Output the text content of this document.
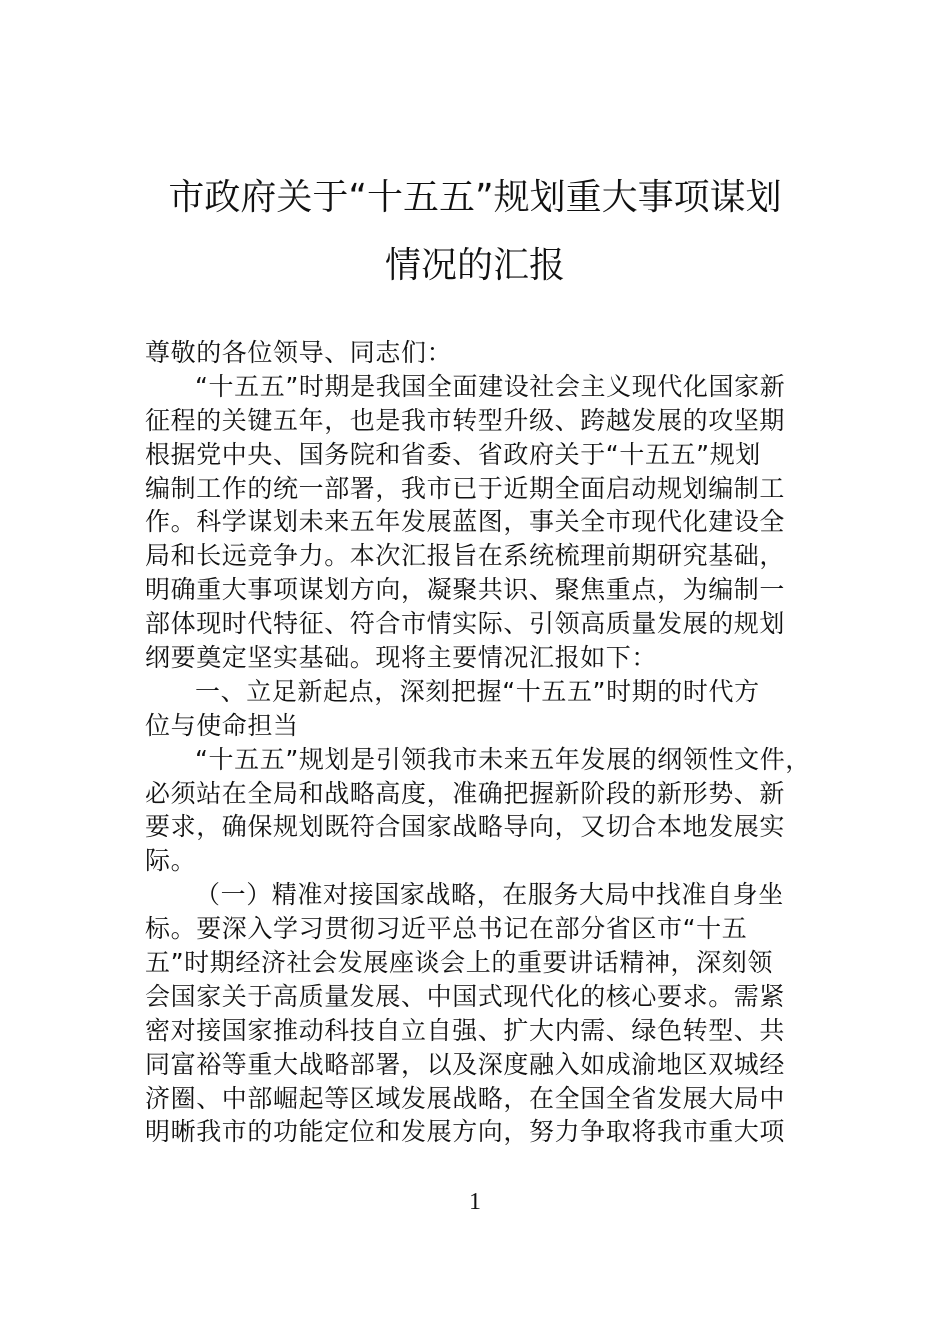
市政府关于“十五五”规划重大事项谋划
情况的汇报
尊敬的各位领导、同志们：
“十五五”时期是我国全面建设社会主义现代化国家新
征程的关键五年，也是我市转型升级、跨越发展的攻坚期
根据党中央、国务院和省委、省政府关于“十五五”规划
编制工作的统一部署，我市已于近期全面启动规划编制工
作。科学谋划未来五年发展蓝图，事关全市现代化建设全
局和长远竞争力。本次汇报旨在系统梳理前期研究基础，
明确重大事项谋划方向，凝聚共识、聚焦重点，为编制一
部体现时代特征、符合市情实际、引领高质量发展的规划
纲要奠定坚实基础。现将主要情况汇报如下：
一、立足新起点，深刻把握“十五五”时期的时代方
位与使命担当
“十五五”规划是引领我市未来五年发展的纲领性文件，
必须站在全局和战略高度，准确把握新阶段的新形势、新
要求，确保规划既符合国家战略导向，又切合本地发展实
际。
（一）精准对接国家战略，在服务大局中找准自身坐
标。要深入学习贯彻习近平总书记在部分省区市“十五
五”时期经济社会发展座谈会上的重要讲话精神，深刻领
会国家关于高质量发展、中国式现代化的核心要求。需紧
密对接国家推动科技自立自强、扩大内需、绿色转型、共
同富裕等重大战略部署，以及深度融入如成渝地区双城经
济圈、中部崛起等区域发展战略，在全国全省发展大局中
明晰我市的功能定位和发展方向，努力争取将我市重大项
1
